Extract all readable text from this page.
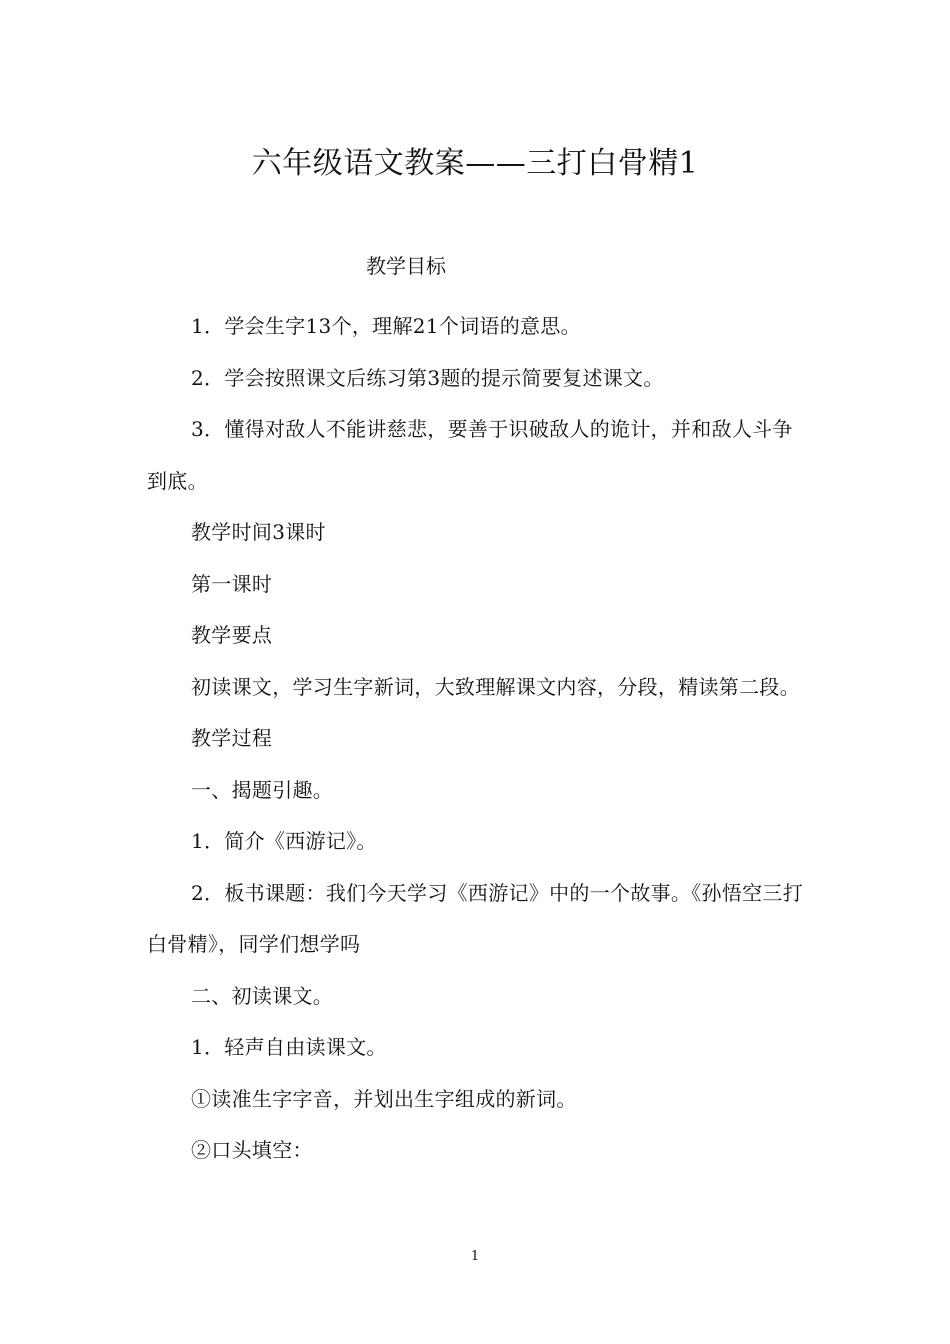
六年级语文教案——三打白骨精1
教学目标

1．学会生字13个，理解21个词语的意思。

2．学会按照课文后练习第3题的提示简要复述课文。

3．懂得对敌人不能讲慈悲，要善于识破敌人的诡计，并和敌人斗争到底。

教学时间3课时

第一课时

教学要点

初读课文，学习生字新词，大致理解课文内容，分段，精读第二段。

教学过程

一、揭题引趣。

1．简介《西游记》。

2．板书课题：我们今天学习《西游记》中的一个故事。《孙悟空三打白骨精》，同学们想学吗

二、初读课文。

1．轻声自由读课文。

①读准生字字音，并划出生字组成的新词。

②口头填空：

1
